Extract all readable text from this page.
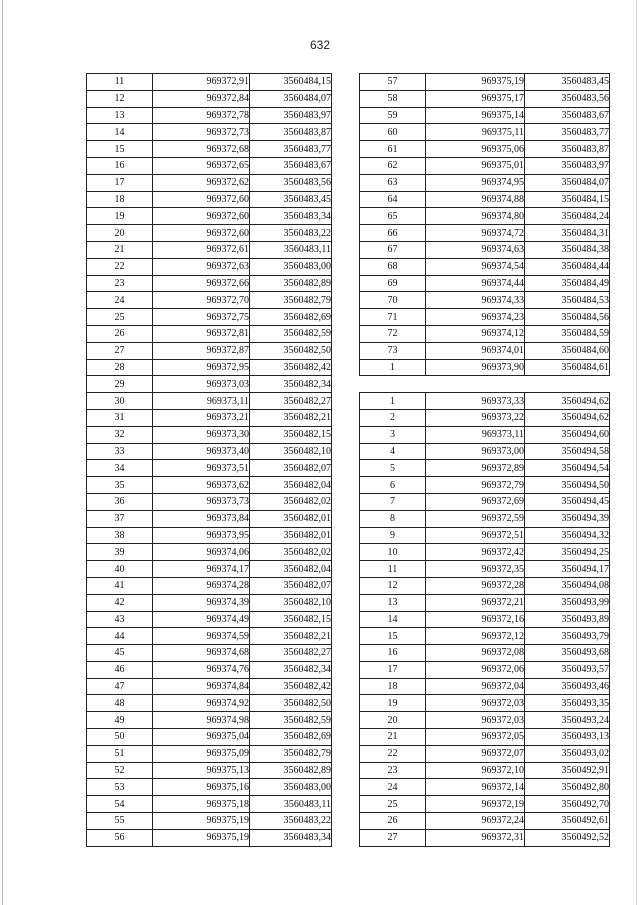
632
11	969372,91	3560484,15
12	969372,84	3560484,07
13	969372,78	3560483,97
14	969372,73	3560483,87
15	969372,68	3560483,77
16	969372,65	3560483,67
17	969372,62	3560483,56
18	969372,60	3560483,45
19	969372,60	3560483,34
20	969372,60	3560483,22
21	969372,61	3560483,11
22	969372,63	3560483,00
23	969372,66	3560482,89
24	969372,70	3560482,79
25	969372,75	3560482,69
26	969372,81	3560482,59
27	969372,87	3560482,50
28	969372,95	3560482,42
29	969373,03	3560482,34
30	969373,11	3560482,27
31	969373,21	3560482,21
32	969373,30	3560482,15
33	969373,40	3560482,10
34	969373,51	3560482,07
35	969373,62	3560482,04
36	969373,73	3560482,02
37	969373,84	3560482,01
38	969373,95	3560482,01
39	969374,06	3560482,02
40	969374,17	3560482,04
41	969374,28	3560482,07
42	969374,39	3560482,10
43	969374,49	3560482,15
44	969374,59	3560482,21
45	969374,68	3560482,27
46	969374,76	3560482,34
47	969374,84	3560482,42
48	969374,92	3560482,50
49	969374,98	3560482,59
50	969375,04	3560482,69
51	969375,09	3560482,79
52	969375,13	3560482,89
53	969375,16	3560483,00
54	969375,18	3560483,11
55	969375,19	3560483,22
56	969375,19	3560483,34
57	969375,19	3560483,45
58	969375,17	3560483,56
59	969375,14	3560483,67
60	969375,11	3560483,77
61	969375,06	3560483,87
62	969375,01	3560483,97
63	969374,95	3560484,07
64	969374,88	3560484,15
65	969374,80	3560484,24
66	969374,72	3560484,31
67	969374,63	3560484,38
68	969374,54	3560484,44
69	969374,44	3560484,49
70	969374,33	3560484,53
71	969374,23	3560484,56
72	969374,12	3560484,59
73	969374,01	3560484,60
1	969373,90	3560484,61

1	969373,33	3560494,62
2	969373,22	3560494,62
3	969373,11	3560494,60
4	969373,00	3560494,58
5	969372,89	3560494,54
6	969372,79	3560494,50
7	969372,69	3560494,45
8	969372,59	3560494,39
9	969372,51	3560494,32
10	969372,42	3560494,25
11	969372,35	3560494,17
12	969372,28	3560494,08
13	969372,21	3560493,99
14	969372,16	3560493,89
15	969372,12	3560493,79
16	969372,08	3560493,68
17	969372,06	3560493,57
18	969372,04	3560493,46
19	969372,03	3560493,35
20	969372,03	3560493,24
21	969372,05	3560493,13
22	969372,07	3560493,02
23	969372,10	3560492,91
24	969372,14	3560492,80
25	969372,19	3560492,70
26	969372,24	3560492,61
27	969372,31	3560492,52
